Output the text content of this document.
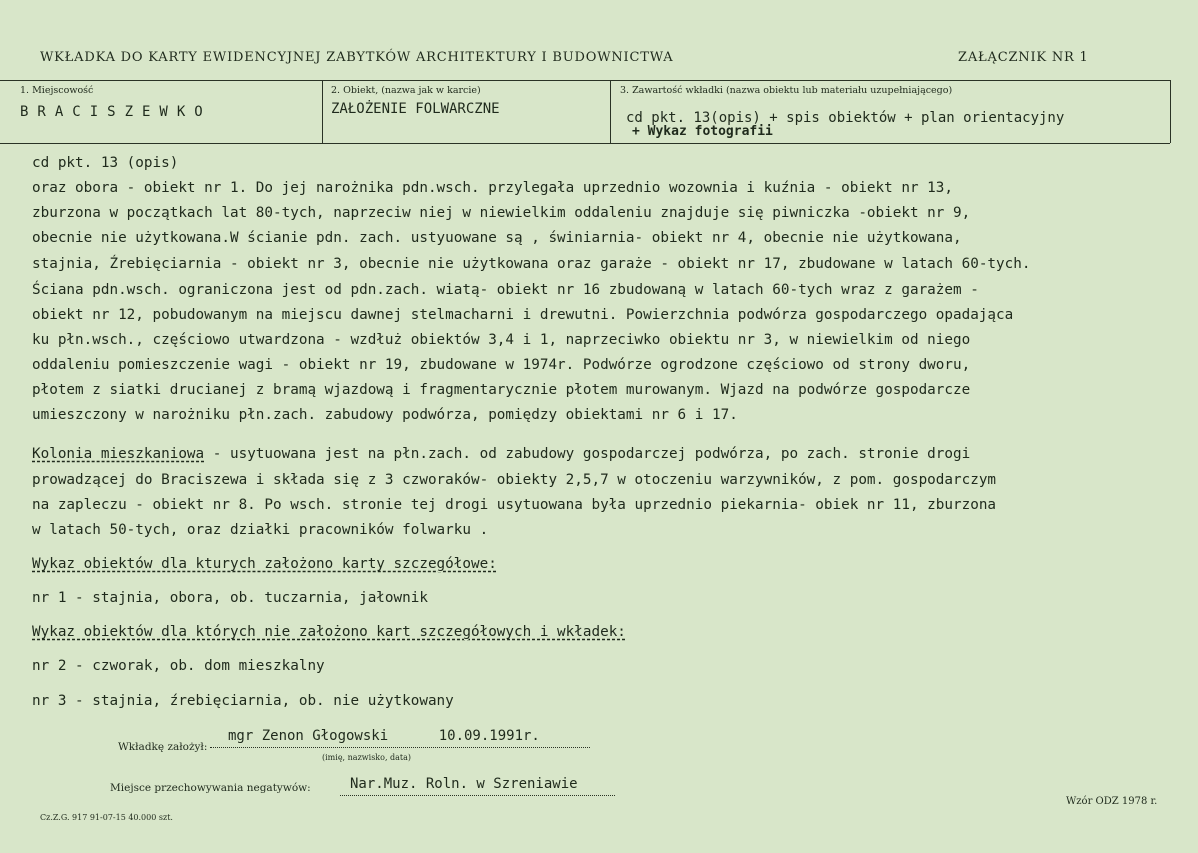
WKŁADKA DO KARTY EWIDENCYJNEJ ZABYTKÓW ARCHITEKTURY I BUDOWNICTWA	ZAŁĄCZNIK NR 1
1. Miejscowość
BRACISZEWKO
2. Obiekt, (nazwa jak w karcie)
ZAŁOŻENIE FOLWARCZNE
3. Zawartość wkładki (nazwa obiektu lub materiału uzupełniającego)
cd pkt. 13(opis) + spis obiektów + plan orientacyjny
+ Wykaz fotografii
cd pkt. 13 (opis)
oraz obora - obiekt nr 1. Do jej narożnika pdn.wsch. przylegała uprzednio wozownia i kuźnia - obiekt nr 13,
zburzona w początkach lat 80-tych, naprzeciw niej w niewielkim oddaleniu znajduje się piwniczka -obiekt nr 9,
obecnie nie użytkowana.W ścianie pdn. zach. ustyuowane są , świniarnia- obiekt nr 4, obecnie nie użytkowana,
stajnia, Źrebięciarnia - obiekt nr 3, obecnie nie użytkowana oraz garaże - obiekt nr 17, zbudowane w latach 60-tych.
Ściana pdn.wsch. ograniczona jest od pdn.zach. wiatą- obiekt nr 16 zbudowaną w latach 60-tych wraz z garażem -
obiekt nr 12, pobudowanym na miejscu dawnej stelmacharni i drewutni. Powierzchnia podwórza gospodarczego opadająca
ku płn.wsch., częściowo utwardzona - wzdłuż obiektów 3,4 i 1, naprzeciwko obiektu nr 3, w niewielkim od niego
oddaleniu pomieszczenie wagi - obiekt nr 19, zbudowane w 1974r. Podwórze ogrodzone częściowo od strony dworu,
płotem z siatki drucianej z bramą wjazdową i fragmentarycznie płotem murowanym. Wjazd na podwórze gospodarcze
umieszczony w narożniku płn.zach. zabudowy podwórza, pomiędzy obiektami nr 6 i 17.
Kolonia mieszkaniowa - usytuowana jest na płn.zach. od zabudowy gospodarczej podwórza, po zach. stronie drogi
prowadzącej do Braciszewa i składa się z 3 czworaków- obiekty 2,5,7 w otoczeniu warzywników, z pom. gospodarczym
na zapleczu - obiekt nr 8. Po wsch. stronie tej drogi usytuowana była uprzednio piekarnia- obiek nr 11, zburzona
w latach 50-tych, oraz działki pracowników folwarku .
Wykaz obiektów dla kturych założono karty szczegółowe:
nr 1 - stajnia, obora, ob. tuczarnia, jałownik
Wykaz obiektów dla których nie założono kart szczegółowych i wkładek:
nr 2 - czworak, ob. dom mieszkalny
nr 3 - stajnia, źrebięciarnia, ob. nie użytkowany
Wkładkę założył:
mgr Zenon Głogowski      10.09.1991r.
(imię, nazwisko, data)
Miejsce przechowywania negatywów:	Nar.Muz. Roln. w Szreniawie
Cz.Z.G. 917 91-07-15 40.000 szt.
Wzór ODZ 1978 r.
